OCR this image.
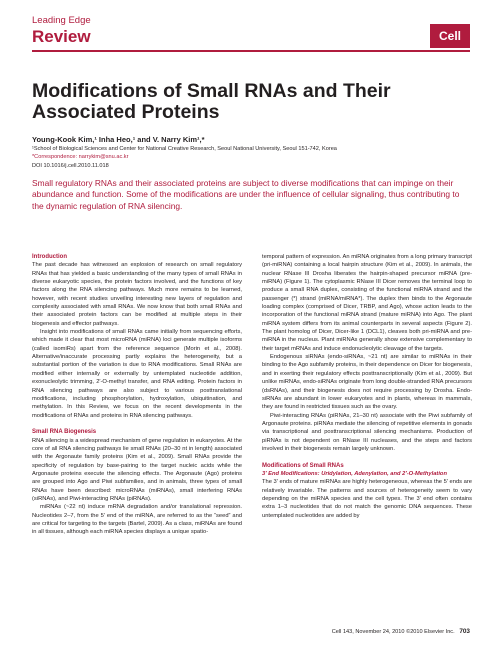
Leading Edge
Review	Cell
Modifications of Small RNAs and Their Associated Proteins
Young-Kook Kim,¹ Inha Heo,¹ and V. Narry Kim¹,*
¹School of Biological Sciences and Center for National Creative Research, Seoul National University, Seoul 151-742, Korea
*Correspondence: narrykim@snu.ac.kr
DOI 10.1016/j.cell.2010.11.018
Small regulatory RNAs and their associated proteins are subject to diverse modifications that can impinge on their abundance and function. Some of the modifications are under the influence of cellular signaling, thus contributing to the dynamic regulation of RNA silencing.
Introduction

The past decade has witnessed an explosion of research on small regulatory RNAs that has yielded a basic understanding of the many types of small RNAs in diverse eukaryotic species, the protein factors involved, and the functions of key factors along the RNA silencing pathways. Much more remains to be learned, however, with recent studies unveiling interesting new layers of regulation and complexity associated with small RNAs. We now know that both small RNAs and their associated protein factors can be modified at multiple steps in their biogenesis and effector pathways.

Insight into modifications of small RNAs came initially from sequencing efforts, which made it clear that most microRNA (miRNA) loci generate multiple isoforms (called isomiRs) apart from the reference sequence (Morin et al., 2008). Alternative/inaccurate processing partly explains the heterogeneity, but a substantial portion of the variation is due to RNA modifications. Small RNAs are modified either internally or externally by untemplated nucleotide addition, exonucleolytic trimming, 2′-O-methyl transfer, and RNA editing. Protein factors in RNA silencing pathways are also subject to various posttranslational modifications, including phosphorylation, hydroxylation, ubiquitination, and methylation. In this Review, we focus on the recent developments in the modifications of RNAs and proteins in RNA silencing pathways.

Small RNA Biogenesis

RNA silencing is a widespread mechanism of gene regulation in eukaryotes. At the core of all RNA silencing pathways lie small RNAs (20–30 nt in length) associated with the Argonaute family proteins (Kim et al., 2009). Small RNAs provide the specificity of regulation by base-pairing to the target nucleic acids while the Argonaute proteins execute the silencing effects. The Argonaute (Ago) proteins are grouped into Ago and Piwi subfamilies, and in animals, three types of small RNAs have been described: microRNAs (miRNAs), small interfering RNAs (siRNAs), and Piwi-interacting RNAs (piRNAs).

miRNAs (~22 nt) induce mRNA degradation and/or translational repression. Nucleotides 2–7, from the 5′ end of the miRNA, are referred to as the “seed” and are critical for targeting to the targets (Bartel, 2009). As a class, miRNAs are found in all tissues, although each miRNA species displays a unique spatio-

temporal pattern of expression. An miRNA originates from a long primary transcript (pri-miRNA) containing a local hairpin structure (Kim et al., 2009). In animals, the nuclear RNase III Drosha liberates the hairpin-shaped precursor miRNA (pre-miRNA) (Figure 1). The cytoplasmic RNase III Dicer removes the terminal loop to produce a small RNA duplex, consisting of the functional miRNA strand and the passenger (*) strand (miRNA/miRNA*). The duplex then binds to the Argonaute loading complex (comprised of Dicer, TRBP, and Ago), whose action leads to the incorporation of the functional miRNA strand (mature miRNA) into Ago. The plant miRNA system differs from its animal counterparts in several aspects (Figure 2). The plant homolog of Dicer, Dicer-like 1 (DCL1), cleaves both pri-miRNA and pre-miRNA in the nucleus. Plant miRNAs generally show extensive complementary to their target mRNAs and induce endonucleolytic cleavage of the targets.

Endogenous siRNAs (endo-siRNAs, ~21 nt) are similar to miRNAs in their binding to the Ago subfamily proteins, in their dependence on Dicer for biogenesis, and in exerting their regulatory effects posttranscriptionally (Kim et al., 2009). But unlike miRNAs, endo-siRNAs originate from long double-stranded RNA precursors (dsRNAs), and their biogenesis does not require processing by Drosha. Endo-siRNAs are abundant in lower eukaryotes and in plants, whereas in mammals, they are found in restricted tissues such as the ovary.

Piwi-interacting RNAs (piRNAs, 21–30 nt) associate with the Piwi subfamily of Argonaute proteins. piRNAs mediate the silencing of repetitive elements in gonads via transcriptional and posttranscriptional silencing mechanisms. Production of piRNAs is not dependent on RNase III nucleases, and the steps and factors involved in their biogenesis remain largely unknown.

Modifications of Small RNAs
3′ End Modifications: Uridylation, Adenylation, and 2′-O-Methylation

The 3′ ends of mature miRNAs are highly heterogeneous, whereas the 5′ ends are relatively invariable. The patterns and sources of heterogeneity seem to vary depending on the miRNA species and the cell types. The 3′ end often contains extra 1–3 nucleotides that do not match the genomic DNA sequences. These untemplated nucleotides are added by

Cell 143, November 24, 2010 ©2010 Elsevier Inc. 703
